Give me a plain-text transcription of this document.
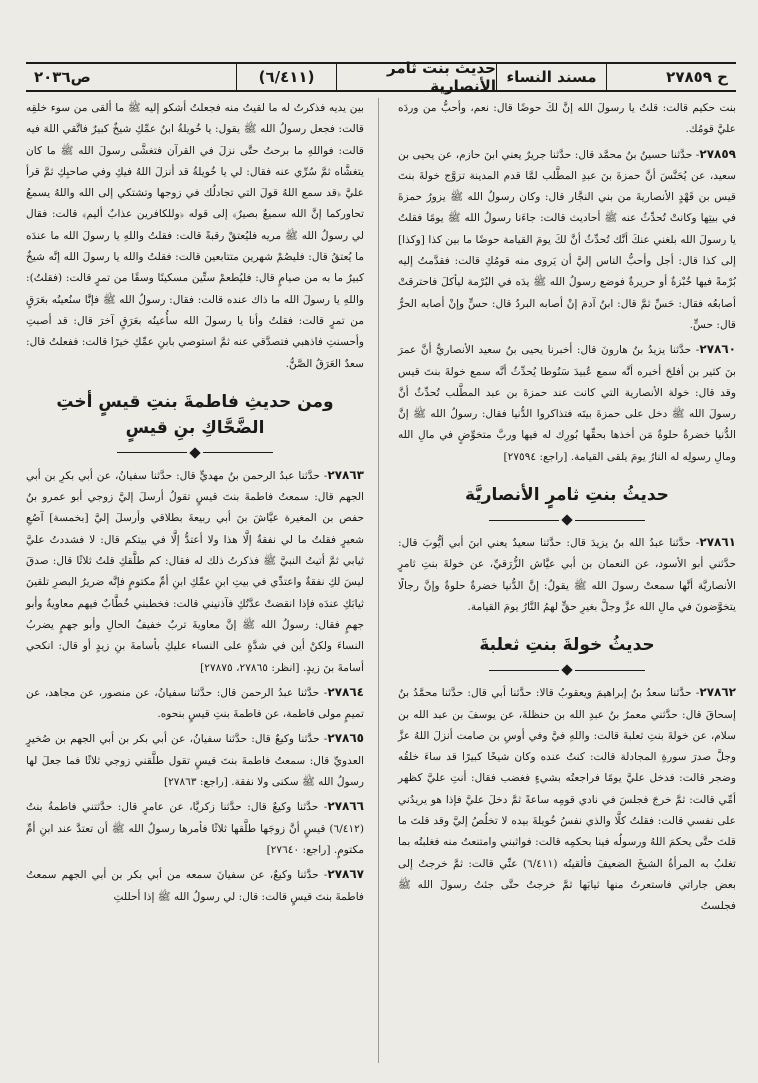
ح ٢٧٨٥٩
مسند النساء
حديث بنت ثامر الأنصارية
(٦/٤١١)
ص٢٠٣٦

بنت حكيم قالت: قلتُ يا رسولَ الله إنَّ لكَ حوضًا قال: نعم، وأحبُّ من وردَه عليَّ قومُك.

٢٧٨٥٩- حدَّثنا حسينُ بنُ محمَّد قال: حدَّثنا جريرٌ يعني ابنَ حازم، عن يحيى بن سعيد، عن يُحَنَّسَ أنَّ حمزةَ بنَ عبدِ المطَّلب لمَّا قدم المدينة تزوَّج خولةَ بنتَ قيس بن قَهْدٍ الأنصاريةَ من بني النجَّار قال: وكان رسولُ الله ﷺ يزورُ حمزةَ في بيتِها وكانتْ تُحدِّثُ عنه ﷺ أحاديث قالت: جاءَنا رسولُ الله ﷺ يومًا فقلتُ يا رسولَ الله بلغني عنكَ أنَّك تُحدِّثُ أنَّ لكَ يومَ القيامة حوضًا ما بين كذا [وكذا] إلى كذا قال: أجل وأحبُّ الناس إليَّ أن يَروى منه قومُكِ قالت: فقدَّمتُ إليه بُرْمةً فيها خُبْزةٌ أو حريرةٌ فوضع رسولُ الله ﷺ يدَه في البُرْمة ليأكلَ فاحترقتْ أصابعُه فقال: حَسِّ ثمَّ قال: ابنُ آدمَ إنْ أصابه البردُ قال: حسٍّ وإنْ أصابه الحرُّ قال: حسٍّ.

٢٧٨٦٠- حدَّثنا يزيدُ بنُ هارونَ قال: أخبرنا يحيى بنُ سعيد الأنصاريُّ أنَّ عمرَ بنَ كثير بن أفلحَ أخبره أنَّه سمع عُبيدَ سَنُوطا يُحدِّثُ أنَّه سمع خولةَ بنتَ قيس وقد قال: خولة الأنصارية التي كانت عند حمزةَ بن عبد المطَّلب تُحدِّثُ أنَّ رسولَ الله ﷺ دخل على حمزةَ بيتَه فتذاكروا الدُّنيا فقال: رسولُ الله ﷺ إنَّ الدُّنيا خضرةٌ حلوةٌ مَن أخذها بحقِّها بُورِك له فيها وربَّ متخوِّضٍ في مالِ الله ومالِ رسولِه له النارُ يومَ يلقى القيامة. [راجع: ٢٧٥٩٤]

حديثُ بنتِ ثامرٍ الأنصاريَّة

٢٧٨٦١- حدَّثنا عبدُ الله بنُ يزيدَ قال: حدَّثنا سعيدٌ يعني ابنَ أبي أيُّوبَ قال: حدَّثني أبو الأسود، عن النعمان بن أبي عيَّاش الزُّرَقيِّ، عن خولةَ بنتِ ثامرٍ الأنصاريَّة أنَّها سمعتْ رسولَ الله ﷺ يقولُ: إنَّ الدُّنيا خضرةٌ حلوةٌ وإنَّ رجالًا يتخوَّضونَ في مالِ الله عزَّ وجلَّ بغيرِ حقٍّ لهمُ النَّارُ يومَ القيامة.

حديثُ خولةَ بنتِ ثعلبةَ

٢٧٨٦٢- حدَّثنا سعدُ بنُ إبراهيمَ ويعقوبُ قالا: حدَّثنا أبي قال: حدَّثنا محمَّدُ بنُ إسحاقَ قال: حدَّثني معمرُ بنُ عبدِ الله بن حنظلةَ، عن يوسفَ بن عبد الله بن سلام، عن خولةَ بنتِ ثعلبةَ قالت: واللهِ فيَّ وفي أوسِ بن صامت أنزلَ اللهُ عزَّ وجلَّ صدرَ سورةِ المجادلة قالت: كنتُ عنده وكان شيخًا كبيرًا قد ساءَ خلقُه وضجر قالت: فدخل عليَّ يومًا فراجعتُه بشيءٍ فغضب فقال: أنتِ عليَّ كظهر أمِّي قالت: ثمَّ خرجَ فجلسَ في نادي قومِه ساعةً ثمَّ دخلَ عليَّ فإذا هو يريدُني على نفسي قالت: فقلتُ كلَّا والذي نفسُ خُويلةَ بيده لا تخلُصُ إليَّ وقد قلتَ ما قلتَ حتَّى يحكمَ اللهُ ورسولُه فينا بحكمِه قالت: فواثبني وامتنعتُ منه فغلبتُه بما تغلبُ به المرأةُ الشيخَ الضعيفَ فألقيتُه (٦/٤١١) عنِّي قالت: ثمَّ خرجتُ إلى بعض جاراتي فاستعرتُ منها ثيابَها ثمَّ خرجتُ حتَّى جئتُ رسولَ الله ﷺ فجلستُ

بين يديه فذكرتُ له ما لقيتُ منه فجعلتُ أشكو إليه ﷺ ما ألقى من سوء خلقِه قالت: فجعل رسولُ الله ﷺ يقول: يا خُويلةُ ابنُ عمِّكِ شيخٌ كبيرٌ فاتَّقي اللهَ فيه قالت: فواللهِ ما برحتُ حتَّى نزلَ في القرآن فتغشَّى رسولَ الله ﷺ ما كان يتغشَّاه ثمَّ سُرِّي عنه فقال: لي يا خُويلةُ قد أنزلَ اللهُ فيكِ وفي صاحبِكِ ثمَّ قرأ عليَّ ﴿قد سمع اللهُ قولَ التي تجادلُك في زوجها وتشتكي إلى الله واللهُ يسمعُ تحاوركما إنَّ الله سميعٌ بصيرٌ﴾ إلى قوله ﴿وللكافرين عذابٌ أليم﴾ قالت: فقال لي رسولُ الله ﷺ مريه فليُعتقْ رقبةً قالت: فقلتُ واللهِ يا رسولَ الله ما عندَه ما يُعتقُ قال: فليصُمْ شهرين متتابعين قالت: فقلتُ والله يا رسولَ الله إنَّه شيخٌ كبيرٌ ما به من صيامٍ قال: فليُطعمْ ستِّين مسكينًا وسقًا من تمرٍ قالت: (فقلتُ): واللهِ يا رسولَ الله ما ذاك عنده قالت: فقال: رسولُ الله ﷺ فإنَّا سنُعينُه بعَرَقٍ من تمرٍ قالت: فقلتُ وأنا يا رسولَ الله سأُعينُه بعَرَقٍ آخرَ قال: قد أصبتِ وأحسنتِ فاذهبي فتصدَّقي عنه ثمَّ استوصي بابنِ عمِّكِ خيرًا قالت: ففعلتُ قال: سعدٌ العَرَقُ الصَّنُّ.

ومن حديثِ فاطمةَ بنتِ قيسٍ أختِ الضَّحَّاكِ بنِ قيسٍ

٢٧٨٦٣- حدَّثنا عبدُ الرحمن بنُ مهديٍّ قال: حدَّثنا سفيانُ، عن أبي بكرِ بن أبي الجهم قال: سمعتُ فاطمةَ بنتَ قيسٍ تقولُ أرسلَ إليَّ زوجي أبو عمرو بنُ حفص بن المغيرة عيَّاشَ بنَ أبي ربيعةَ بطلاقي وأرسلَ إليَّ [بخمسة] آصُعِ شعيرٍ فقلتُ ما لي نفقةٌ إلَّا هذا ولا أعتدُّ إلَّا في بيتكم قال: لا فشددتُ عليَّ ثيابي ثمَّ أتيتُ النبيَّ ﷺ فذكرتُ ذلك له فقال: كم طلَّقكِ قلتُ ثلاثًا قال: صدقَ ليسَ لكِ نفقةٌ واعتدِّي في بيتِ ابنِ عمِّكِ ابنِ أمِّ مكتومٍ فإنَّه ضريرُ البصرِ تلقينَ ثيابَكِ عندَه فإذا انقضتْ عدَّتُكِ فآذنيني قالت: فخطبني خُطَّابٌ فيهم معاويةُ وأبو جهمٍ فقال: رسولُ الله ﷺ إنَّ معاويةَ تربٌ خفيفُ الحالِ وأبو جهمٍ يضربُ النساءَ ولكنْ أين في شدَّةٍ على النساء عليكِ بأسامةَ بنِ زيدٍ أو قال: انكحي أسامةَ بنَ زيدٍ. [انظر: ٢٧٨٦٥، ٢٧٨٧٥]

٢٧٨٦٤- حدَّثنا عبدُ الرحمن قال: حدَّثنا سفيانُ، عن منصور، عن مجاهد، عن تميمٍ مولى فاطمة، عن فاطمةَ بنتِ قيسٍ بنحوه.

٢٧٨٦٥- حدَّثنا وكيعٌ قال: حدَّثنا سفيانُ، عن أبي بكر بن أبي الجهم بن صُخيرٍ العدويِّ قال: سمعتُ فاطمةَ بنتَ قيسٍ تقول طلَّقني زوجي ثلاثًا فما جعلَ لها رسولُ الله ﷺ سكنى ولا نفقة. [راجع: ٢٧٨٦٣]

٢٧٨٦٦- حدَّثنا وكيعٌ قال: حدَّثنا زكريَّا، عن عامرٍ قال: حدَّثتني فاطمةُ بنتُ (٦/٤١٢) قيسٍ أنَّ زوجَها طلَّقها ثلاثًا فأمرها رسولُ الله ﷺ أن تعتدَّ عند ابنِ أمِّ مكتومٍ. [راجع: ٢٧٦٤٠]

٢٧٨٦٧- حدَّثنا وكيعٌ، عن سفيانَ سمعه من أبي بكر بن أبي الجهم سمعتُ فاطمةَ بنتَ قيسٍ قالت: قال: لي رسولُ الله ﷺ إذا أحللتِ
